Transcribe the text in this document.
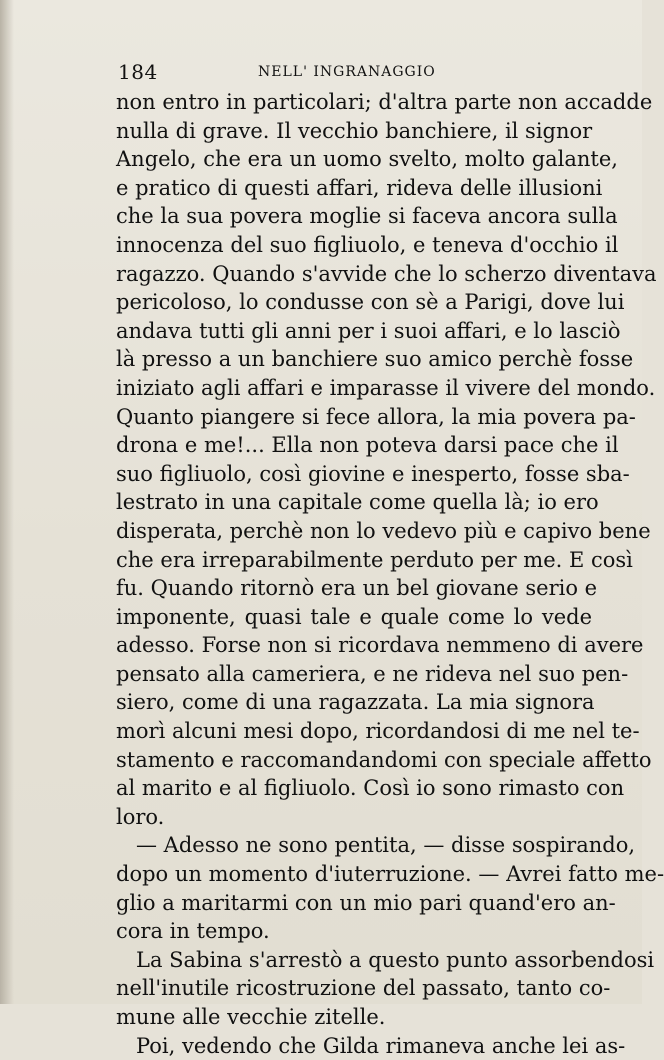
184	NELL' INGRANAGGIO
non entro in particolari; d'altra parte non accadde
nulla di grave. Il vecchio banchiere, il signor
Angelo, che era un uomo svelto, molto galante,
e pratico di questi affari, rideva delle illusioni
che la sua povera moglie si faceva ancora sulla
innocenza del suo figliuolo, e teneva d'occhio il
ragazzo. Quando s'avvide che lo scherzo diventava
pericoloso, lo condusse con sè a Parigi, dove lui
andava tutti gli anni per i suoi affari, e lo lasciò
là presso a un banchiere suo amico perchè fosse
iniziato agli affari e imparasse il vivere del mondo.
Quanto piangere si fece allora, la mia povera pa-
drona e me!... Ella non poteva darsi pace che il
suo figliuolo, così giovine e inesperto, fosse sba-
lestrato in una capitale come quella là; io ero
disperata, perchè non lo vedevo più e capivo bene
che era irreparabilmente perduto per me. E così
fu. Quando ritornò era un bel giovane serio e
imponente, quasi tale e quale come lo vede
adesso. Forse non si ricordava nemmeno di avere
pensato alla cameriera, e ne rideva nel suo pen-
siero, come di una ragazzata. La mia signora
morì alcuni mesi dopo, ricordandosi di me nel te-
stamento e raccomandandomi con speciale affetto
al marito e al figliuolo. Così io sono rimasto con
loro.
— Adesso ne sono pentita, — disse sospirando,
dopo un momento d'iuterruzione. — Avrei fatto me-
glio a maritarmi con un mio pari quand'ero an-
cora in tempo.
La Sabina s'arrestò a questo punto assorbendosi
nell'inutile ricostruzione del passato, tanto co-
mune alle vecchie zitelle.
Poi, vedendo che Gilda rimaneva anche lei as-
